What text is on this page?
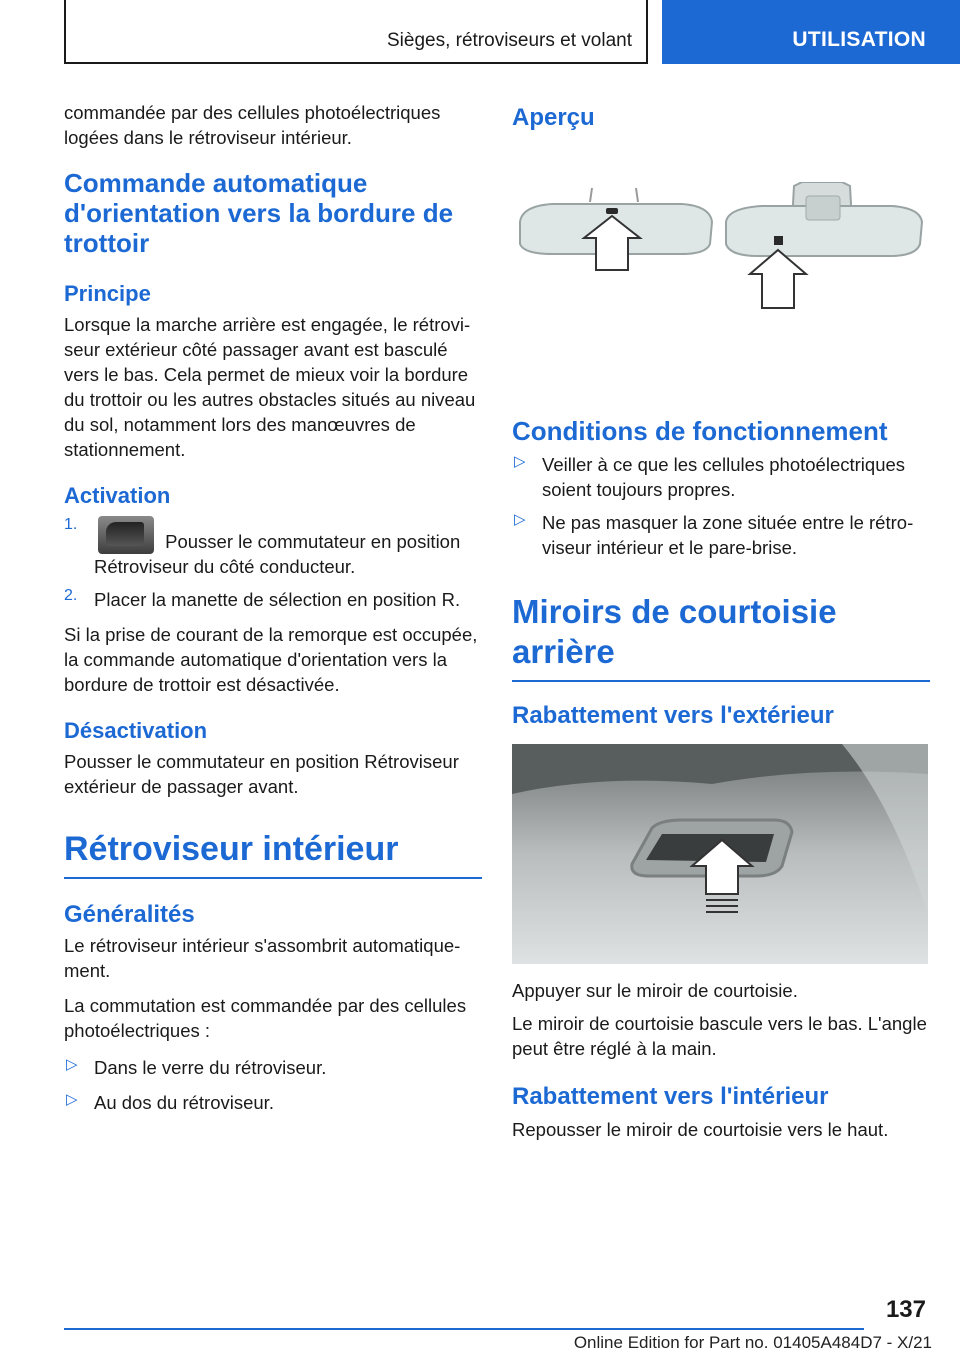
Sièges, rétroviseurs et volant	UTILISATION

commandée par des cellules photoélectriques logées dans le rétroviseur intérieur.

Commande automatique d'orientation vers la bordure de trottoir
Principe

Lorsque la marche arrière est engagée, le rétroviseur extérieur côté passager avant est basculé vers le bas. Cela permet de mieux voir la bordure du trottoir ou les autres obstacles situés au niveau du sol, notamment lors des manœuvres de stationnement.

Activation
1.

Pousser le commutateur en position Rétroviseur du côté conducteur.

2. Placer la manette de sélection en position R.

Si la prise de courant de la remorque est occupée, la commande automatique d'orientation vers la bordure de trottoir est désactivée.

Désactivation

Pousser le commutateur en position Rétroviseur extérieur de passager avant.

Rétroviseur intérieur
Généralités

Le rétroviseur intérieur s'assombrit automatiquement.

La commutation est commandée par des cellules photoélectriques :

▷ Dans le verre du rétroviseur.

▷ Au dos du rétroviseur.

Aperçu
Conditions de fonctionnement
▷ Veiller à ce que les cellules photoélectriques soient toujours propres.

▷ Ne pas masquer la zone située entre le rétroviseur intérieur et le pare-brise.

Miroirs de courtoisie arrière
Rabattement vers l'extérieur

Appuyer sur le miroir de courtoisie.

Le miroir de courtoisie bascule vers le bas. L'angle peut être réglé à la main.

Rabattement vers l'intérieur

Repousser le miroir de courtoisie vers le haut.

137
Online Edition for Part no. 01405A484D7 - X/21
